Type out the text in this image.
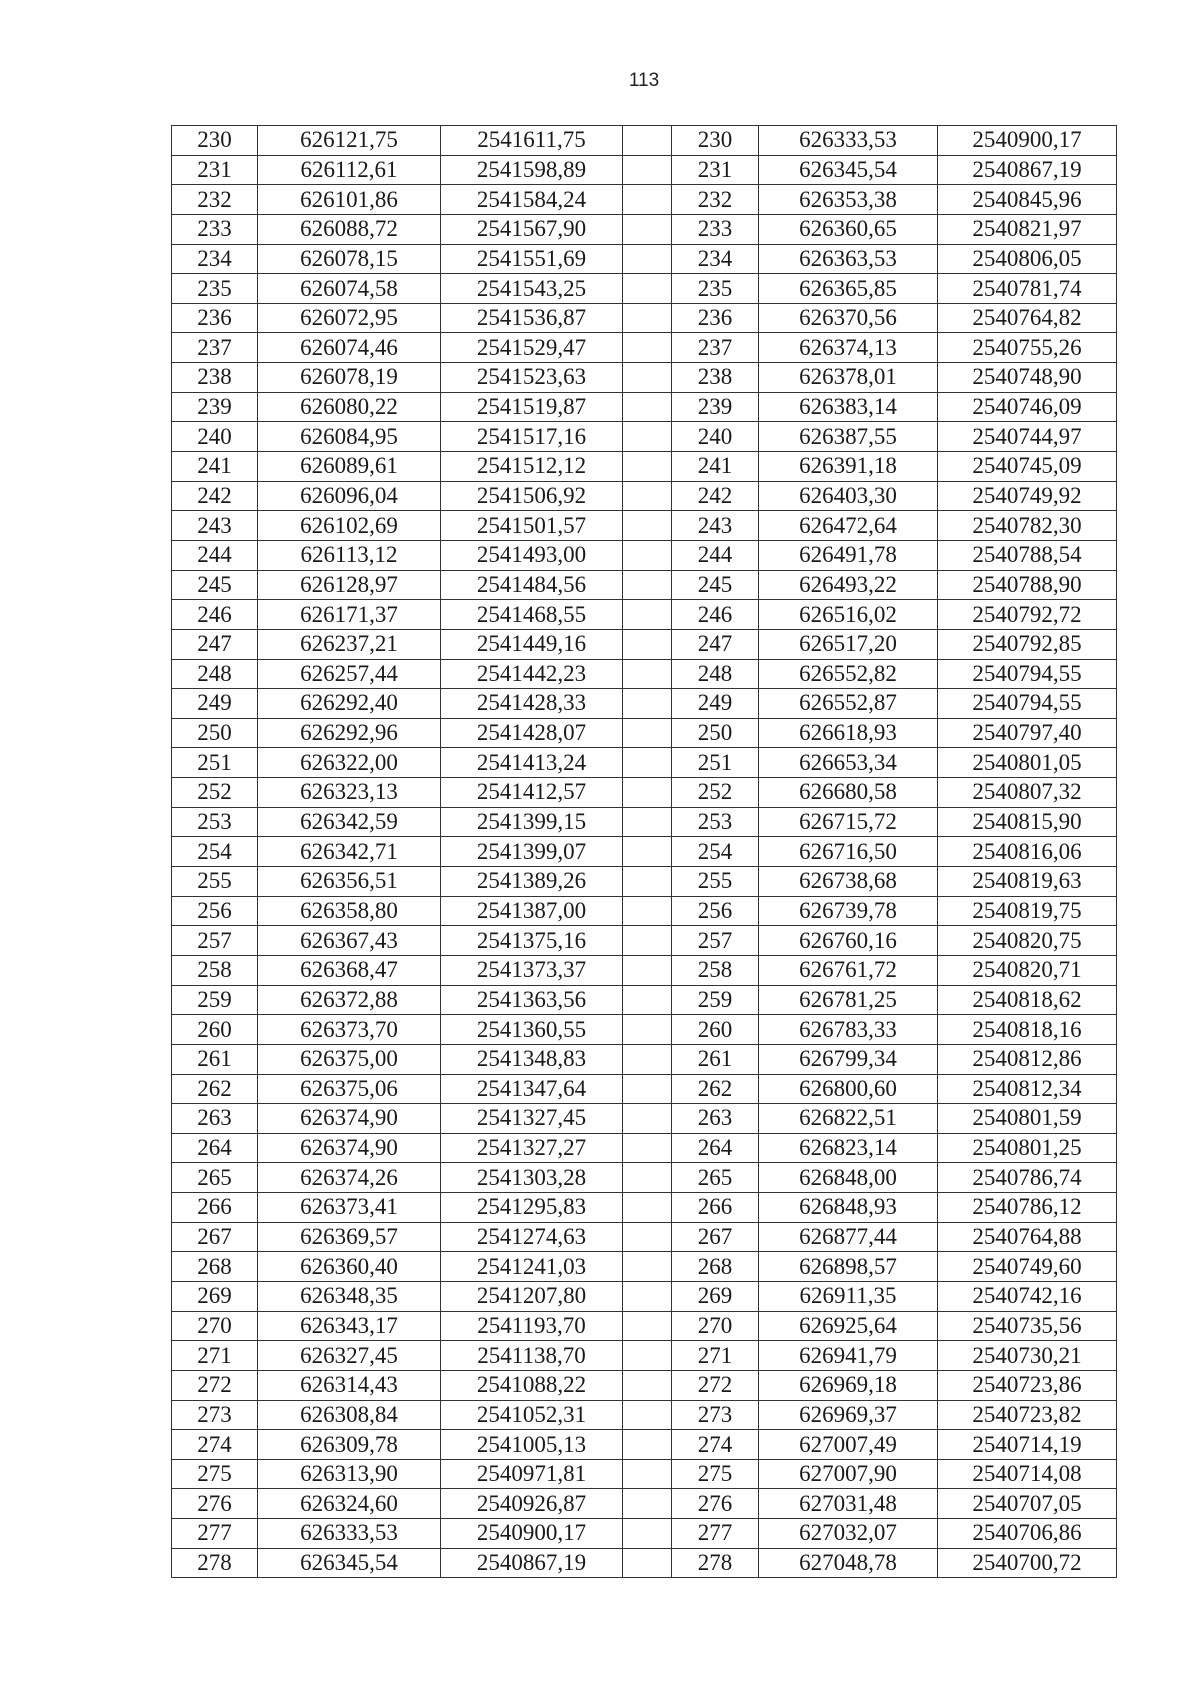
113
230	626121,75	2541611,75		230	626333,53	2540900,17
231	626112,61	2541598,89		231	626345,54	2540867,19
232	626101,86	2541584,24		232	626353,38	2540845,96
233	626088,72	2541567,90		233	626360,65	2540821,97
234	626078,15	2541551,69		234	626363,53	2540806,05
235	626074,58	2541543,25		235	626365,85	2540781,74
236	626072,95	2541536,87		236	626370,56	2540764,82
237	626074,46	2541529,47		237	626374,13	2540755,26
238	626078,19	2541523,63		238	626378,01	2540748,90
239	626080,22	2541519,87		239	626383,14	2540746,09
240	626084,95	2541517,16		240	626387,55	2540744,97
241	626089,61	2541512,12		241	626391,18	2540745,09
242	626096,04	2541506,92		242	626403,30	2540749,92
243	626102,69	2541501,57		243	626472,64	2540782,30
244	626113,12	2541493,00		244	626491,78	2540788,54
245	626128,97	2541484,56		245	626493,22	2540788,90
246	626171,37	2541468,55		246	626516,02	2540792,72
247	626237,21	2541449,16		247	626517,20	2540792,85
248	626257,44	2541442,23		248	626552,82	2540794,55
249	626292,40	2541428,33		249	626552,87	2540794,55
250	626292,96	2541428,07		250	626618,93	2540797,40
251	626322,00	2541413,24		251	626653,34	2540801,05
252	626323,13	2541412,57		252	626680,58	2540807,32
253	626342,59	2541399,15		253	626715,72	2540815,90
254	626342,71	2541399,07		254	626716,50	2540816,06
255	626356,51	2541389,26		255	626738,68	2540819,63
256	626358,80	2541387,00		256	626739,78	2540819,75
257	626367,43	2541375,16		257	626760,16	2540820,75
258	626368,47	2541373,37		258	626761,72	2540820,71
259	626372,88	2541363,56		259	626781,25	2540818,62
260	626373,70	2541360,55		260	626783,33	2540818,16
261	626375,00	2541348,83		261	626799,34	2540812,86
262	626375,06	2541347,64		262	626800,60	2540812,34
263	626374,90	2541327,45		263	626822,51	2540801,59
264	626374,90	2541327,27		264	626823,14	2540801,25
265	626374,26	2541303,28		265	626848,00	2540786,74
266	626373,41	2541295,83		266	626848,93	2540786,12
267	626369,57	2541274,63		267	626877,44	2540764,88
268	626360,40	2541241,03		268	626898,57	2540749,60
269	626348,35	2541207,80		269	626911,35	2540742,16
270	626343,17	2541193,70		270	626925,64	2540735,56
271	626327,45	2541138,70		271	626941,79	2540730,21
272	626314,43	2541088,22		272	626969,18	2540723,86
273	626308,84	2541052,31		273	626969,37	2540723,82
274	626309,78	2541005,13		274	627007,49	2540714,19
275	626313,90	2540971,81		275	627007,90	2540714,08
276	626324,60	2540926,87		276	627031,48	2540707,05
277	626333,53	2540900,17		277	627032,07	2540706,86
278	626345,54	2540867,19		278	627048,78	2540700,72
